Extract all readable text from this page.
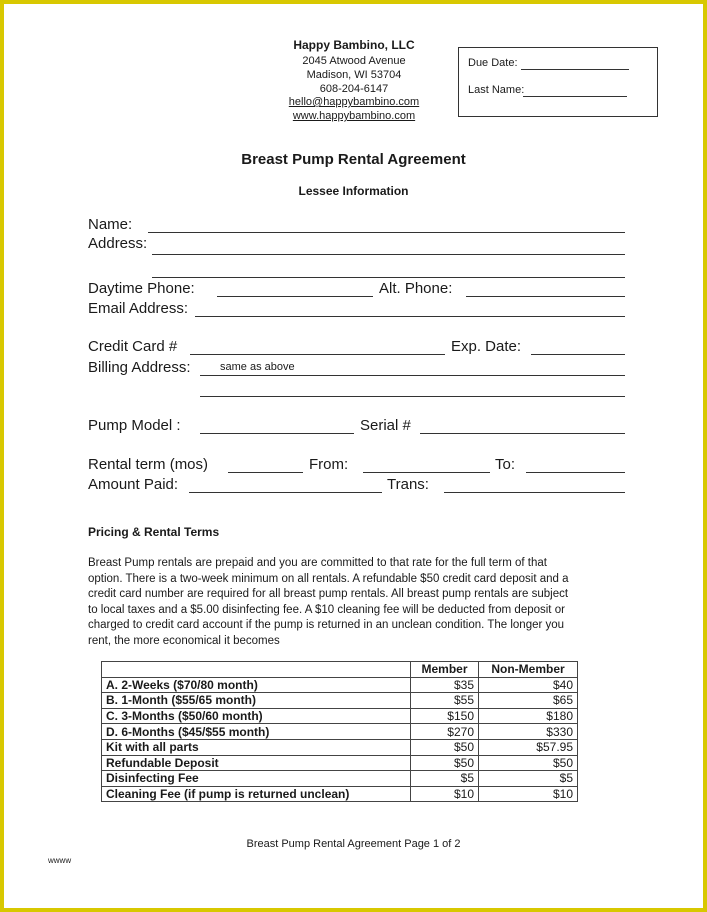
Happy Bambino, LLC
2045 Atwood Avenue
Madison, WI 53704
608-204-6147
hello@happybambino.com
www.happybambino.com
Due Date:
Last Name:
Breast Pump Rental Agreement
Lessee Information
Name:
Address:
Daytime Phone:	Alt. Phone:
Email Address:
Credit Card #	Exp. Date:
Billing Address:	same as above
Pump Model :	Serial #
Rental term (mos)	From:	To:
Amount Paid:	Trans:
Pricing & Rental Terms
Breast Pump rentals are prepaid and you are committed to that rate for the full term of that
option. There is a two-week minimum on all rentals. A refundable $50 credit card deposit and a
credit card number are required for all breast pump rentals. All breast pump rentals are subject
to local taxes and a $5.00 disinfecting fee. A $10 cleaning fee will be deducted from deposit or
charged to credit card account if the pump is returned in an unclean condition. The longer you
rent, the more economical it becomes
	Member	Non-Member
A. 2-Weeks ($70/80 month)	$35	$40
B. 1-Month ($55/65 month)	$55	$65
C. 3-Months ($50/60 month)	$150	$180
D. 6-Months ($45/$55 month)	$270	$330
Kit with all parts	$50	$57.95
Refundable Deposit	$50	$50
Disinfecting Fee	$5	$5
Cleaning Fee (if pump is returned unclean)	$10	$10
Breast Pump Rental Agreement Page 1 of 2
wwww
